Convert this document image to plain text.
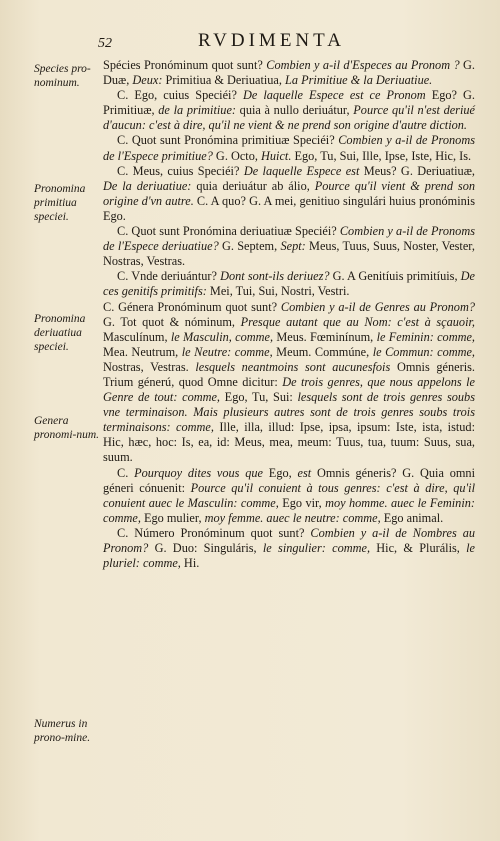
52	RVDIMENTA
Species pro-nominum.
Pronomina primitiua speciei.
Pronomina deriuatiua speciei.
Genera pronomi-num.
Numerus in prono-mine.

Spécies Pronóminum quot sunt? Combien y a-il d'Especes au Pronom ? G. Duæ, Deux: Primitiua & Deriuatiua, La Primitiue & la Deriuatiue.

C. Ego, cuius Speciéi? De laquelle Espece est ce Pronom Ego? G. Primitiuæ, de la primitiue: quia à nullo deriuátur, Pource qu'il n'est deriué d'aucun: c'est à dire, qu'il ne vient & ne prend son origine d'autre diction.

C. Quot sunt Pronómina primitiuæ Speciéi? Combien y a-il de Pronoms de l'Espece primitiue? G. Octo, Huict. Ego, Tu, Sui, Ille, Ipse, Iste, Hic, Is.

C. Meus, cuius Speciéi? De laquelle Espece est Meus? G. Deriuatiuæ, De la deriuatiue: quia deriuátur ab álio, Pource qu'il vient & prend son origine d'vn autre. C. A quo? G. A mei, genitiuo singulári huius pronóminis Ego.

C. Quot sunt Pronómina deriuatiuæ Speciéi? Combien y a-il de Pronoms de l'Espece deriuatiue? G. Septem, Sept: Meus, Tuus, Suus, Noster, Vester, Nostras, Vestras.

C. Vnde deriuántur? Dont sont-ils deriuez? G. A Genitíuis primitíuis, De ces genitifs primitifs: Mei, Tui, Sui, Nostri, Vestri.

C. Génera Pronóminum quot sunt? Combien y a-il de Genres au Pronom? G. Tot quot & nóminum, Presque autant que au Nom: c'est à sçauoir, Masculínum, le Masculin, comme, Meus. Fœminínum, le Feminin: comme, Mea. Neutrum, le Neutre: comme, Meum. Commúne, le Commun: comme, Nostras, Vestras. lesquels neantmoins sont aucunesfois Omnis géneris. Trium génerú, quod Omne dicitur: De trois genres, que nous appelons le Genre de tout: comme, Ego, Tu, Sui: lesquels sont de trois genres soubs vne terminaison. Mais plusieurs autres sont de trois genres soubs trois terminaisons: comme, Ille, illa, illud: Ipse, ipsa, ipsum: Iste, ista, istud: Hic, hæc, hoc: Is, ea, id: Meus, mea, meum: Tuus, tua, tuum: Suus, sua, suum.

C. Pourquoy dites vous que Ego, est Omnis géneris? G. Quia omni géneri cónuenit: Pource qu'il conuient à tous genres: c'est à dire, qu'il conuient auec le Masculin: comme, Ego vir, moy homme. auec le Feminin: comme, Ego mulier, moy femme. auec le neutre: comme, Ego animal.

C. Número Pronóminum quot sunt? Combien y a-il de Nombres au Pronom? G. Duo: Singuláris, le singulier: comme, Hic, & Plurális, le pluriel: comme, Hi.
